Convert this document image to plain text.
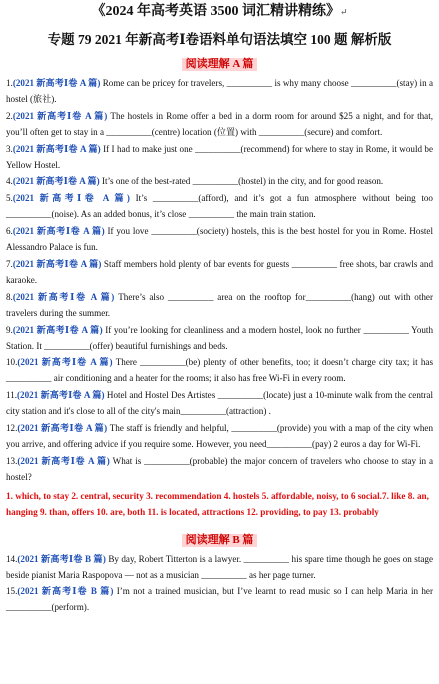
《2024 年高考英语 3500 词汇精讲精练》↵
专题 79 2021 年新高考Ⅰ卷语料单句语法填空 100 题 解析版
阅读理解 A 篇
1.(2021 新高考Ⅰ卷 A 篇) Rome can be pricey for travelers, __________ is why many choose __________(stay) in a hostel (旅社).
2.(2021 新高考Ⅰ卷 A 篇) The hostels in Rome offer a bed in a dorm room for around $25 a night, and for that, you’ll often get to stay in a __________(centre) location (位置) with __________(secure) and comfort.
3.(2021 新高考Ⅰ卷 A 篇) If I had to make just one __________(recommend) for where to stay in Rome, it would be Yellow Hostel.
4.(2021 新高考Ⅰ卷 A 篇) It’s one of the best-rated __________(hostel) in the city, and for good reason.
5.(2021 新高考Ⅰ卷 A 篇) It’s __________(afford), and it’s got a fun atmosphere without being too __________(noise). As an added bonus, it’s close __________ the main train station.
6.(2021 新高考Ⅰ卷 A 篇) If you love __________(society) hostels, this is the best hostel for you in Rome. Hostel Alessandro Palace is fun.
7.(2021 新高考Ⅰ卷 A 篇) Staff members hold plenty of bar events for guests __________ free shots, bar crawls and karaoke.
8.(2021 新高考Ⅰ卷 A 篇) There’s also __________ area on the rooftop for__________(hang) out with other travelers during the summer.
9.(2021 新高考Ⅰ卷 A 篇) If you’re looking for cleanliness and a modern hostel, look no further __________ Youth Station. It __________(offer) beautiful furnishings and beds.
10.(2021 新高考Ⅰ卷 A 篇) There __________(be) plenty of other benefits, too; it doesn’t charge city tax; it has __________ air conditioning and a heater for the rooms; it also has free Wi-Fi in every room.
11.(2021 新高考Ⅰ卷 A 篇) Hotel and Hostel Des Artistes __________(locate) just a 10-minute walk from the central city station and it's close to all of the city's main__________(attraction) .
12.(2021 新高考Ⅰ卷 A 篇) The staff is friendly and helpful, __________(provide) you with a map of the city when you arrive, and offering advice if you require some. However, you need__________(pay) 2 euros a day for Wi-Fi.
13.(2021 新高考Ⅰ卷 A 篇) What is __________(probable) the major concern of travelers who choose to stay in a hostel?
1. which, to stay 2. central, security 3. recommendation 4. hostels 5. affordable, noisy, to 6 social.7. like 8. an, hanging 9. than, offers 10. are, both 11. is located, attractions 12. providing, to pay 13. probably
阅读理解 B 篇
14.(2021 新高考Ⅰ卷 B 篇) By day, Robert Titterton is a lawyer. __________ his spare time though he goes on stage beside pianist Maria Raspopova — not as a musician __________ as her page turner.
15.(2021 新高考Ⅰ卷 B 篇) I’m not a trained musician, but I’ve learnt to read music so I can help Maria in her __________(perform).
